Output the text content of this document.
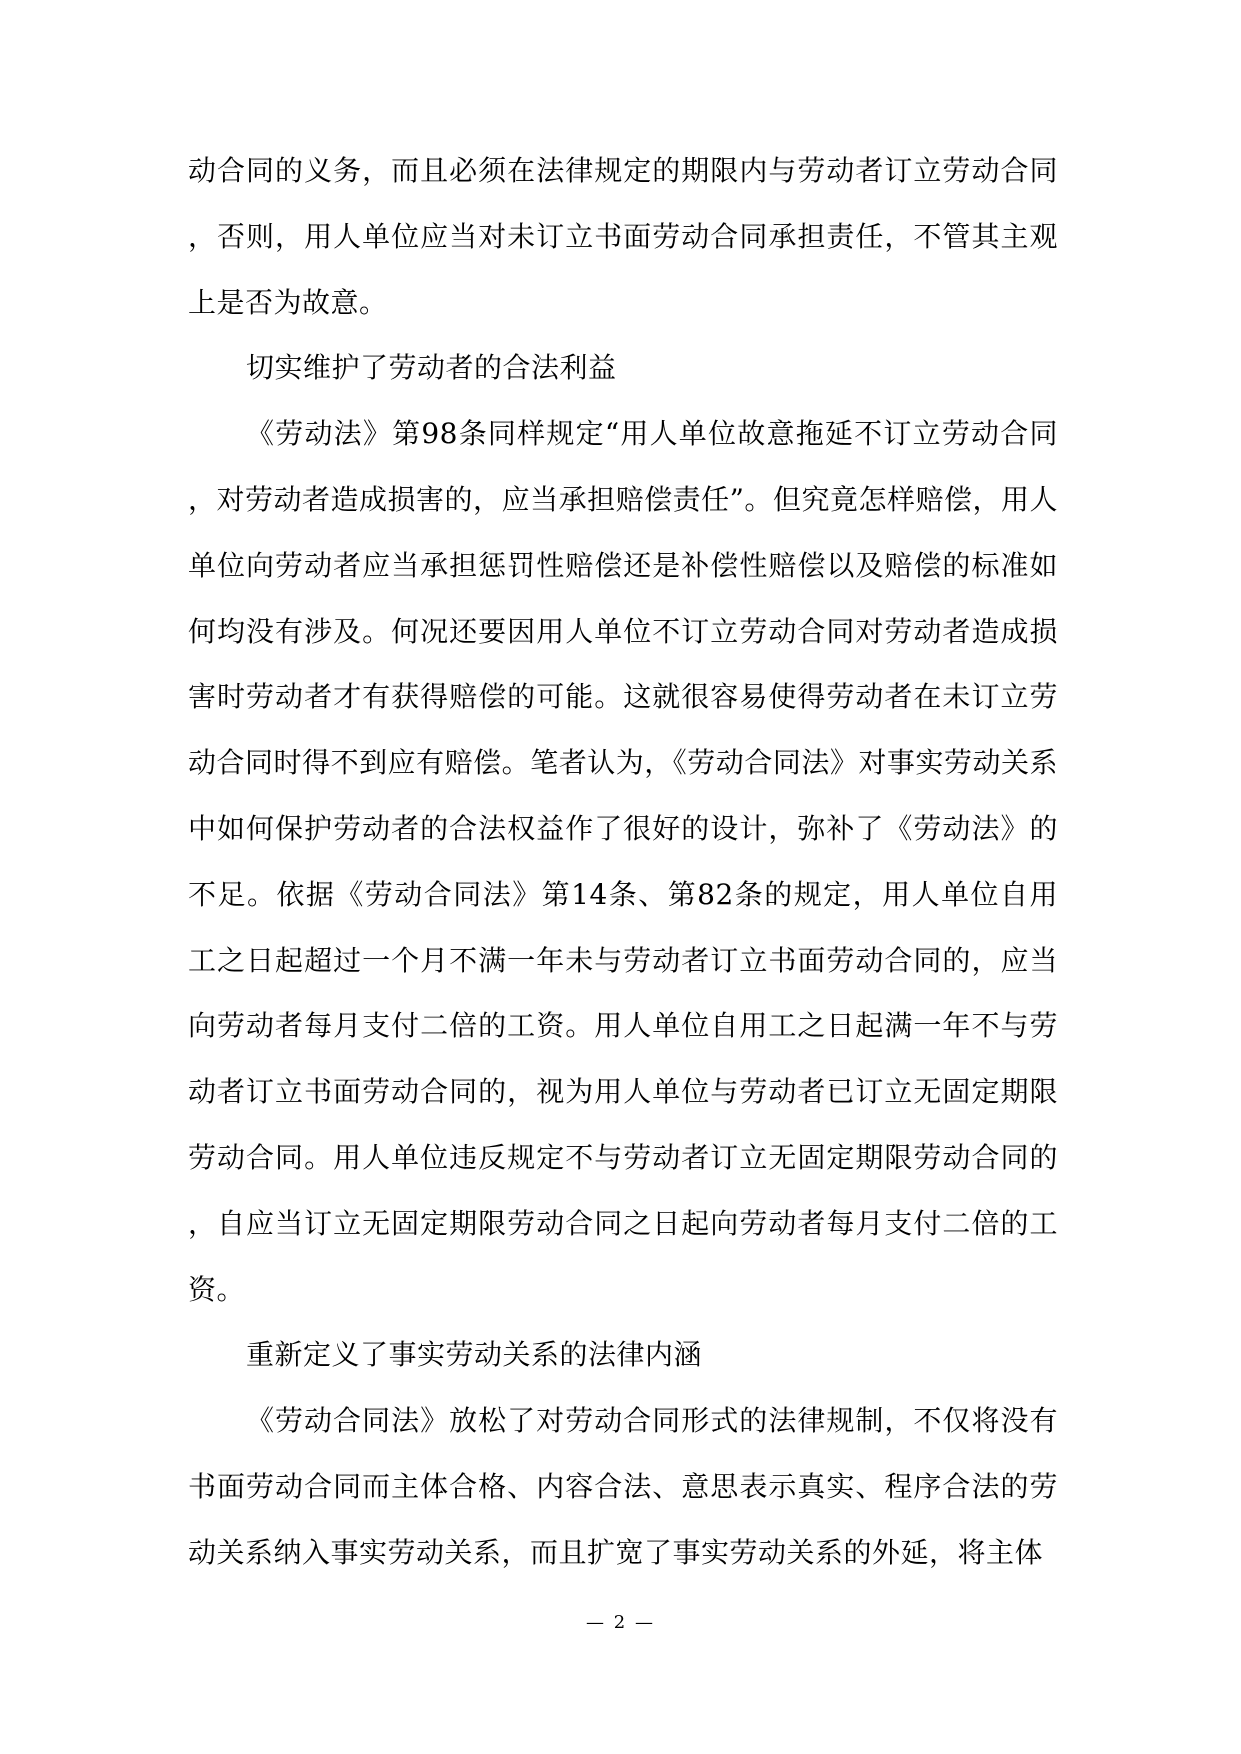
动合同的义务，而且必须在法律规定的期限内与劳动者订立劳动合同，否则，用人单位应当对未订立书面劳动合同承担责任，不管其主观上是否为故意。

切实维护了劳动者的合法利益

《劳动法》第98条同样规定“用人单位故意拖延不订立劳动合同，对劳动者造成损害的，应当承担赔偿责任”。但究竟怎样赔偿，用人单位向劳动者应当承担惩罚性赔偿还是补偿性赔偿以及赔偿的标准如何均没有涉及。何况还要因用人单位不订立劳动合同对劳动者造成损害时劳动者才有获得赔偿的可能。这就很容易使得劳动者在未订立劳动合同时得不到应有赔偿。笔者认为，《劳动合同法》对事实劳动关系中如何保护劳动者的合法权益作了很好的设计，弥补了《劳动法》的不足。依据《劳动合同法》第14条、第82条的规定，用人单位自用工之日起超过一个月不满一年未与劳动者订立书面劳动合同的，应当向劳动者每月支付二倍的工资。用人单位自用工之日起满一年不与劳动者订立书面劳动合同的，视为用人单位与劳动者已订立无固定期限劳动合同。用人单位违反规定不与劳动者订立无固定期限劳动合同的，自应当订立无固定期限劳动合同之日起向劳动者每月支付二倍的工资。

重新定义了事实劳动关系的法律内涵

《劳动合同法》放松了对劳动合同形式的法律规制，不仅将没有书面劳动合同而主体合格、内容合法、意思表示真实、程序合法的劳动关系纳入事实劳动关系，而且扩宽了事实劳动关系的外延，将主体

— 2 —
